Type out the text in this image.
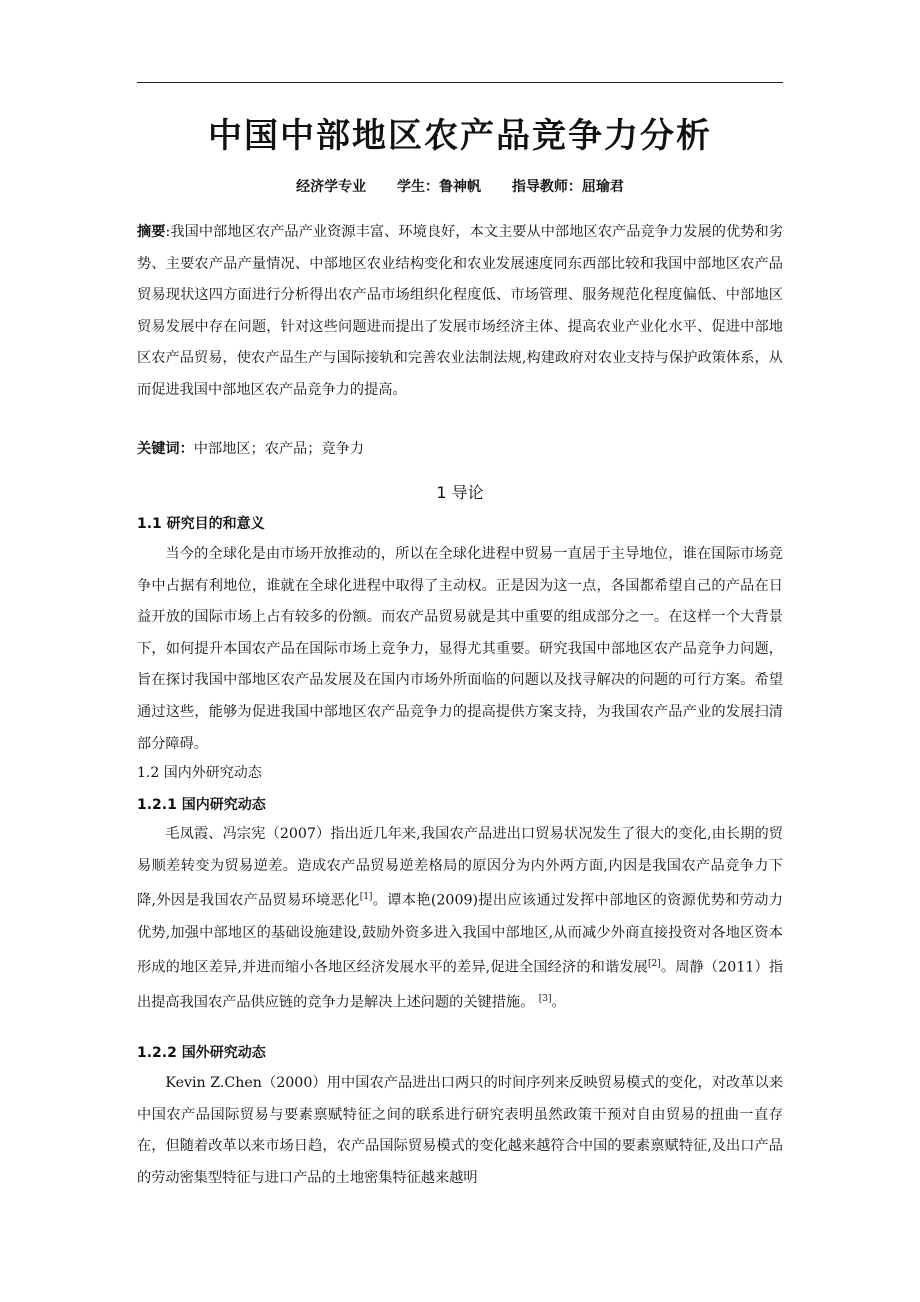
中国中部地区农产品竞争力分析
经济学专业 学生：鲁神帆 指导教师：屈瑜君
摘要:我国中部地区农产品产业资源丰富、环境良好，本文主要从中部地区农产品竞争力发展的优势和劣势、主要农产品产量情况、中部地区农业结构变化和农业发展速度同东西部比较和我国中部地区农产品贸易现状这四方面进行分析得出农产品市场组织化程度低、市场管理、服务规范化程度偏低、中部地区贸易发展中存在问题，针对这些问题进而提出了发展市场经济主体、提高农业产业化水平、促进中部地区农产品贸易，使农产品生产与国际接轨和完善农业法制法规,构建政府对农业支持与保护政策体系，从而促进我国中部地区农产品竞争力的提高。
关键词：中部地区；农产品；竞争力
1 导论
1.1 研究目的和意义
当今的全球化是由市场开放推动的，所以在全球化进程中贸易一直居于主导地位，谁在国际市场竞争中占据有利地位，谁就在全球化进程中取得了主动权。正是因为这一点，各国都希望自己的产品在日益开放的国际市场上占有较多的份额。而农产品贸易就是其中重要的组成部分之一。在这样一个大背景下，如何提升本国农产品在国际市场上竞争力，显得尤其重要。研究我国中部地区农产品竞争力问题，旨在探讨我国中部地区农产品发展及在国内市场外所面临的问题以及找寻解决的问题的可行方案。希望通过这些，能够为促进我国中部地区农产品竞争力的提高提供方案支持，为我国农产品产业的发展扫清部分障碍。
1.2 国内外研究动态
1.2.1 国内研究动态
毛凤霞、冯宗宪（2007）指出近几年来,我国农产品进出口贸易状况发生了很大的变化,由长期的贸易顺差转变为贸易逆差。造成农产品贸易逆差格局的原因分为内外两方面,内因是我国农产品竞争力下降,外因是我国农产品贸易环境恶化[1]。谭本艳(2009)提出应该通过发挥中部地区的资源优势和劳动力优势,加强中部地区的基础设施建设,鼓励外资多进入我国中部地区,从而减少外商直接投资对各地区资本形成的地区差异,并进而缩小各地区经济发展水平的差异,促进全国经济的和谐发展[2]。周静（2011）指出提高我国农产品供应链的竞争力是解决上述问题的关键措施。 [3]。
1.2.2 国外研究动态
Kevin Z.Chen（2000）用中国农产品进出口两只的时间序列来反映贸易模式的变化，对改革以来中国农产品国际贸易与要素禀赋特征之间的联系进行研究表明虽然政策干预对自由贸易的扭曲一直存在，但随着改革以来市场日趋，农产品国际贸易模式的变化越来越符合中国的要素禀赋特征,及出口产品的劳动密集型特征与进口产品的土地密集特征越来越明
